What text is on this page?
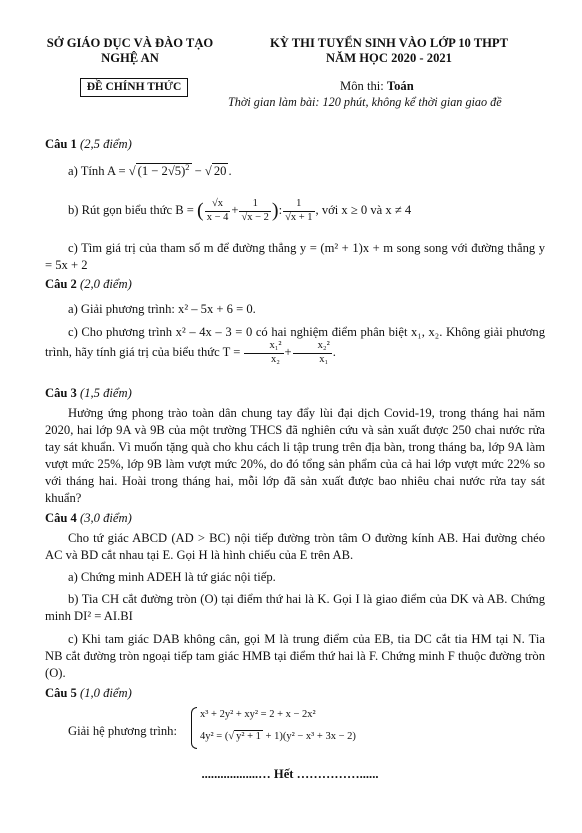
SỞ GIÁO DỤC VÀ ĐÀO TẠO
NGHỆ AN
ĐỀ CHÍNH THỨC
KỲ THI TUYỂN SINH VÀO LỚP 10 THPT
NĂM HỌC 2020 - 2021
Môn thi: Toán
Thời gian làm bài: 120 phút, không kể thời gian giao đề
Câu 1 (2,5 điểm)
a) Tính A = √ $(1 - 2√5)^2$ − √ 20 .
b) Rút gọn biểu thức B = ( $\frac{√x}{x - 4} + \frac{1}{√x - 2}$ ): $\frac{1}{√x + 1}$ , với x ≥ 0 và x ≠ 4
c) Tìm giá trị của tham số m để đường thẳng y = (m² + 1)x + m song song với đường thẳng y = 5x + 2
Câu 2 (2,0 điểm)
a) Giải phương trình: x² – 5x + 6 = 0.
c) Cho phương trình x² – 4x – 3 = 0 có hai nghiệm điểm phân biệt x₁, x₂. Không giải phương trình, hãy tính giá trị của biểu thức $T = \frac{\text{x₁²}}{\text{x₂}} + \frac{\text{x₂²}}{\text{x₁}}$ .
Câu 3 (1,5 điểm)
Hưởng ứng phong trào toàn dân chung tay đẩy lùi đại dịch Covid-19, trong tháng hai năm 2020, hai lớp 9A và 9B của một trường THCS đã nghiên cứu và sản xuất được 250 chai nước rửa tay sát khuẩn. Vì muốn tặng quà cho khu cách li tập trung trên địa bàn, trong tháng ba, lớp 9A làm vượt mức 25%, lớp 9B làm vượt mức 20%, do đó tổng sản phẩm của cả hai lớp vượt mức 22% so với tháng hai. Hoài trong tháng hai, mỗi lớp đã sản xuất được bao nhiêu chai nước rửa tay sát khuẩn?
Câu 4 (3,0 điểm)
Cho tứ giác ABCD (AD > BC) nội tiếp đường tròn tâm O đường kính AB. Hai đường chéo AC và BD cắt nhau tại E. Gọi H là hình chiếu của E trên AB.
a) Chứng minh ADEH là tứ giác nội tiếp.
b) Tia CH cắt đường tròn (O) tại điểm thứ hai là K. Gọi I là giao điểm của DK và AB. Chứng minh DI² = AI.BI
c) Khi tam giác DAB không cân, gọi M là trung điểm của EB, tia DC cắt tia HM tại N. Tia NB cắt đường tròn ngoại tiếp tam giác HMB tại điểm thứ hai là F. Chứng minh F thuộc đường tròn (O).
Câu 5 (1,0 điểm)
Giải hệ phương trình:
x³ + 2y² + xy² = 2 + x − 2x²
4y² = (√ y² + 1 + 1)(y² − x³ + 3x − 2)
..................… Hết ……………......
